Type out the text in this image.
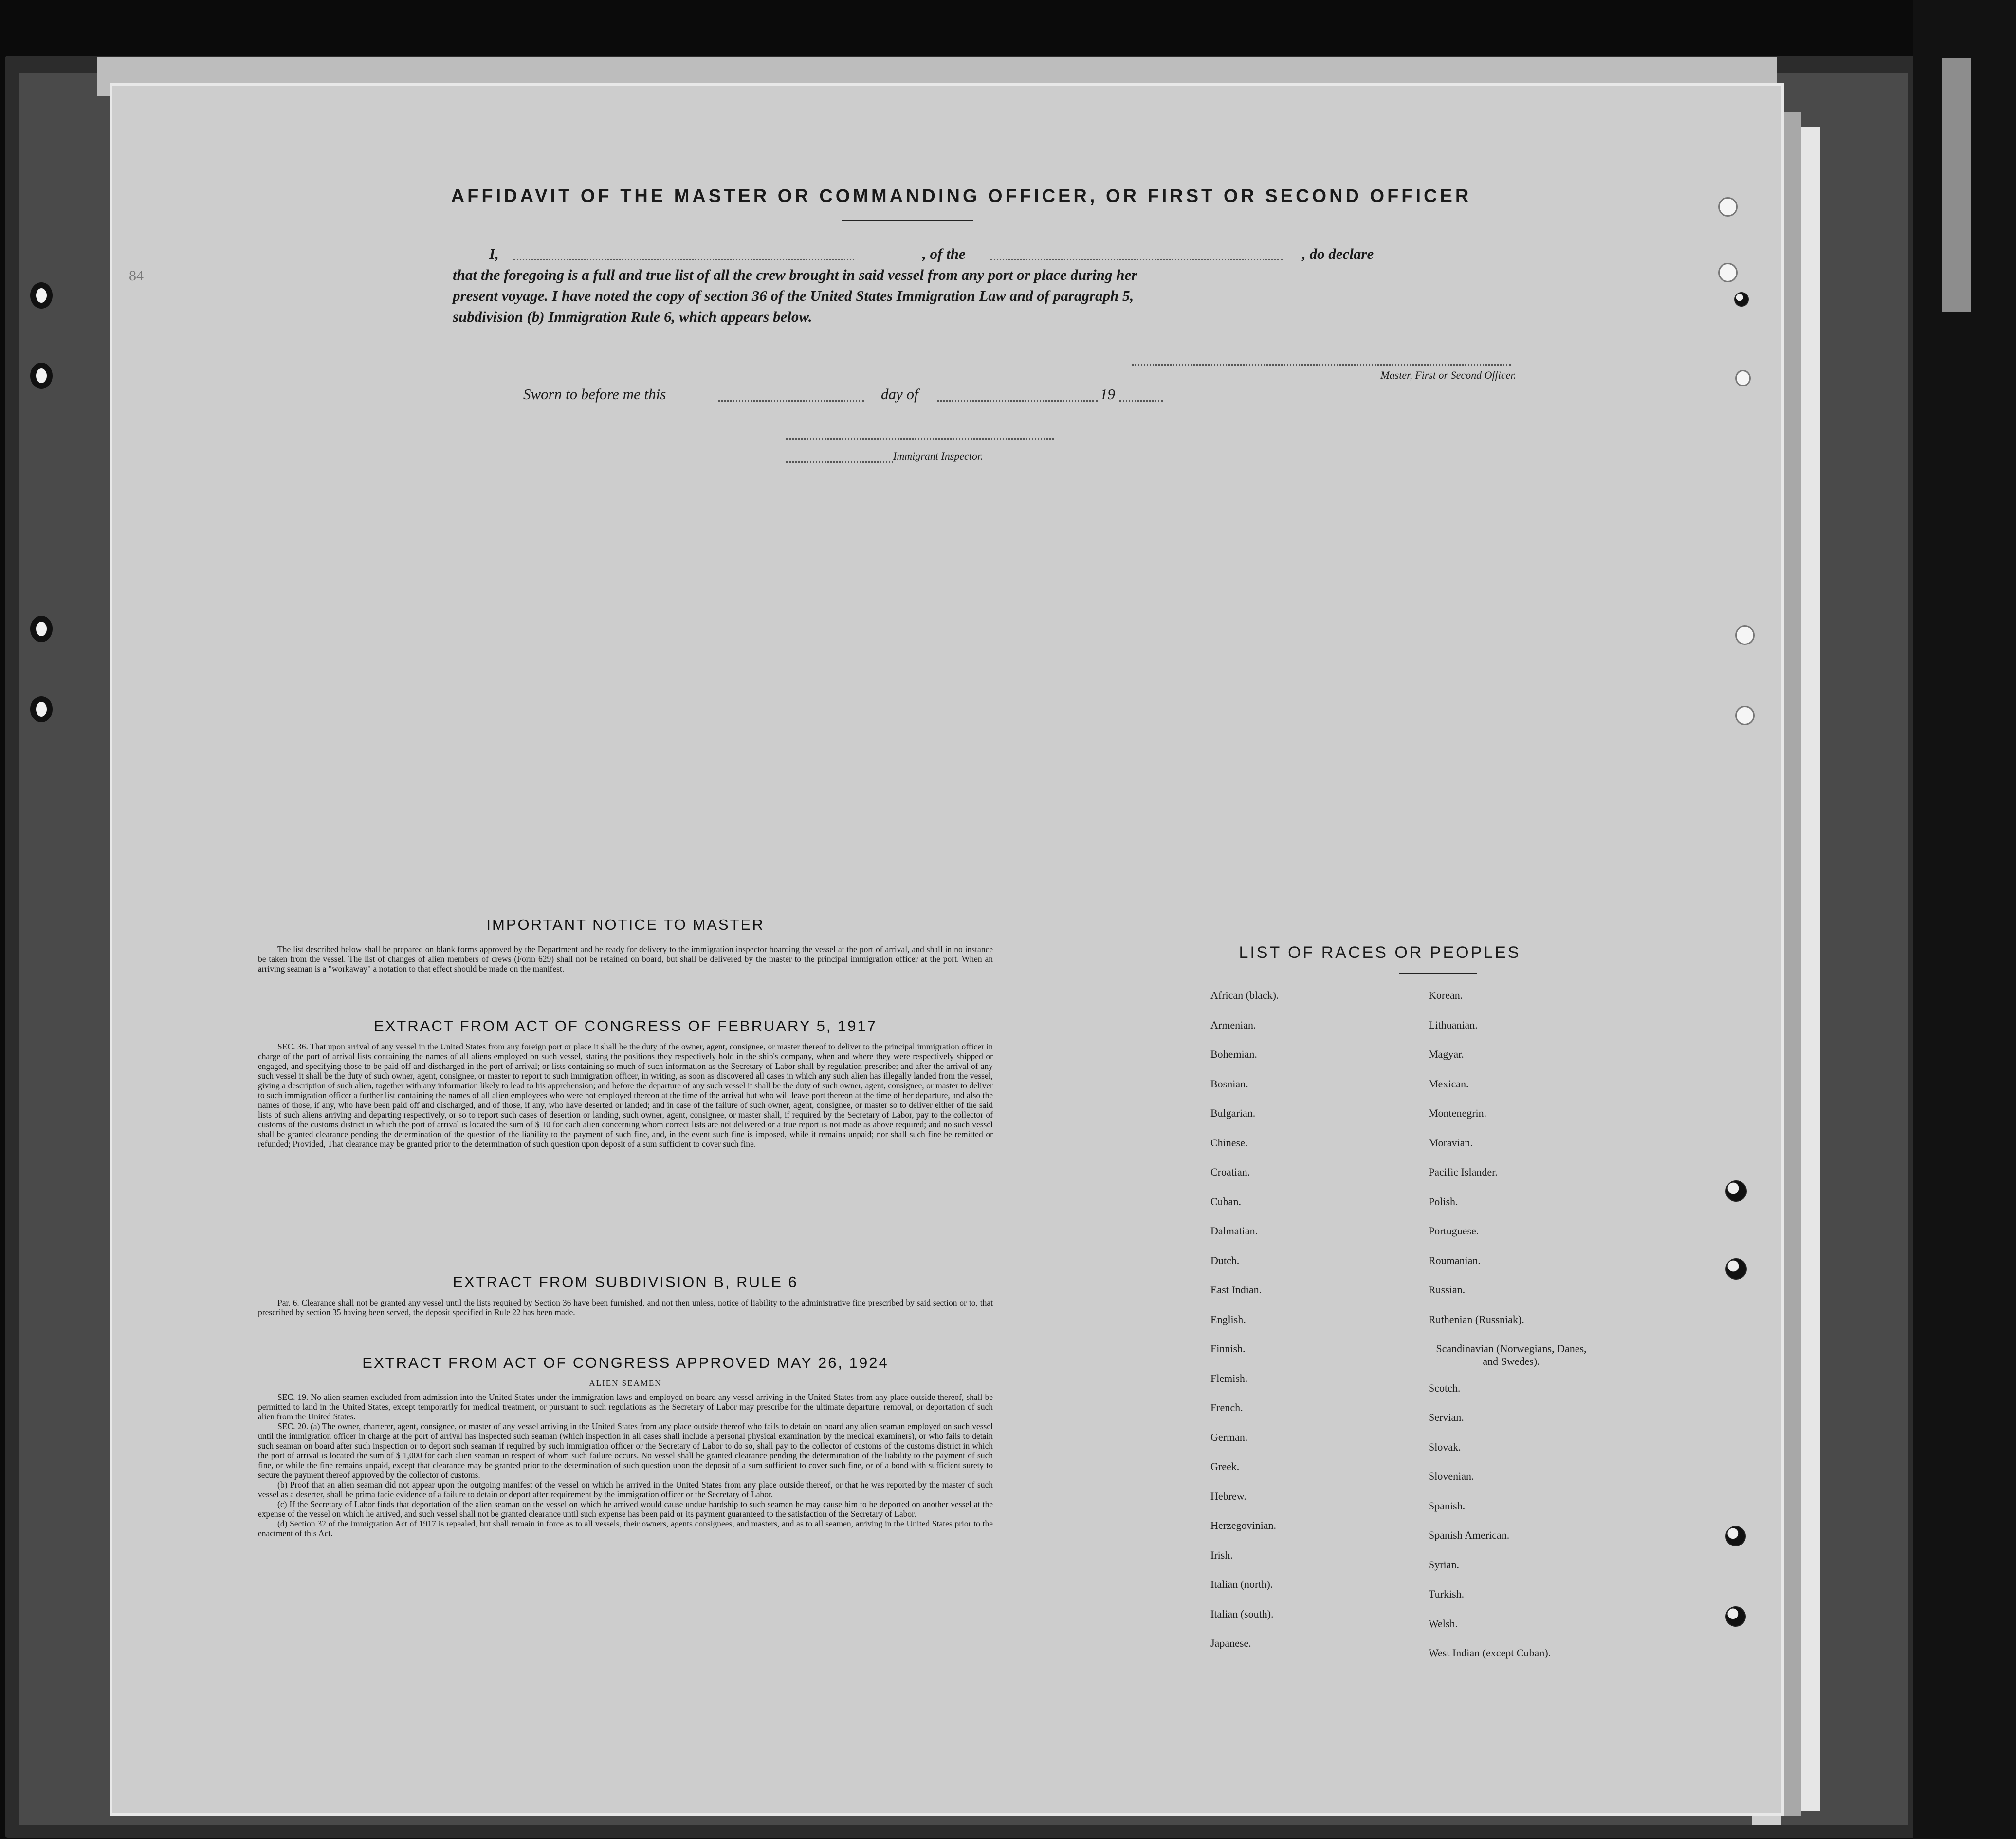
84
AFFIDAVIT OF THE MASTER OR COMMANDING OFFICER, OR FIRST OR SECOND OFFICER
I,	, of the	, do declare
that the foregoing is a full and true list of all the crew brought in said vessel from any port or place during her
present voyage. I have noted the copy of section 36 of the United States Immigration Law and of paragraph 5,
subdivision (b) Immigration Rule 6, which appears below.
Master, First or Second Officer.
Sworn to before me this	day of	19
Immigrant Inspector.
IMPORTANT NOTICE TO MASTER

The list described below shall be prepared on blank forms approved by the Department and be ready for delivery to the immigration inspector boarding the vessel at the port of arrival, and shall in no instance be taken from the vessel. The list of changes of alien members of crews (Form 629) shall not be retained on board, but shall be delivered by the master to the principal immigration officer at the port. When an arriving seaman is a "workaway" a notation to that effect should be made on the manifest.

EXTRACT FROM ACT OF CONGRESS OF FEBRUARY 5, 1917

SEC. 36. That upon arrival of any vessel in the United States from any foreign port or place it shall be the duty of the owner, agent, consignee, or master thereof to deliver to the principal immigration officer in charge of the port of arrival lists containing the names of all aliens employed on such vessel, stating the positions they respectively hold in the ship's company, when and where they were respectively shipped or engaged, and specifying those to be paid off and discharged in the port of arrival; or lists containing so much of such information as the Secretary of Labor shall by regulation prescribe; and after the arrival of any such vessel it shall be the duty of such owner, agent, consignee, or master to report to such immigration officer, in writing, as soon as discovered all cases in which any such alien has illegally landed from the vessel, giving a description of such alien, together with any information likely to lead to his apprehension; and before the departure of any such vessel it shall be the duty of such owner, agent, consignee, or master to deliver to such immigration officer a further list containing the names of all alien employees who were not employed thereon at the time of the arrival but who will leave port thereon at the time of her departure, and also the names of those, if any, who have been paid off and discharged, and of those, if any, who have deserted or landed; and in case of the failure of such owner, agent, consignee, or master so to deliver either of the said lists of such aliens arriving and departing respectively, or so to report such cases of desertion or landing, such owner, agent, consignee, or master shall, if required by the Secretary of Labor, pay to the collector of customs of the customs district in which the port of arrival is located the sum of $ 10 for each alien concerning whom correct lists are not delivered or a true report is not made as above required; and no such vessel shall be granted clearance pending the determination of the question of the liability to the payment of such fine, and, in the event such fine is imposed, while it remains unpaid; nor shall such fine be remitted or refunded; Provided, That clearance may be granted prior to the determination of such question upon deposit of a sum sufficient to cover such fine.

EXTRACT FROM SUBDIVISION B, RULE 6

Par. 6. Clearance shall not be granted any vessel until the lists required by Section 36 have been furnished, and not then unless, notice of liability to the administrative fine prescribed by said section or to, that prescribed by section 35 having been served, the deposit specified in Rule 22 has been made.

EXTRACT FROM ACT OF CONGRESS APPROVED MAY 26, 1924
ALIEN SEAMEN

SEC. 19. No alien seamen excluded from admission into the United States under the immigration laws and employed on board any vessel arriving in the United States from any place outside thereof, shall be permitted to land in the United States, except temporarily for medical treatment, or pursuant to such regulations as the Secretary of Labor may prescribe for the ultimate departure, removal, or deportation of such alien from the United States.

SEC. 20. (a) The owner, charterer, agent, consignee, or master of any vessel arriving in the United States from any place outside thereof who fails to detain on board any alien seaman employed on such vessel until the immigration officer in charge at the port of arrival has inspected such seaman (which inspection in all cases shall include a personal physical examination by the medical examiners), or who fails to detain such seaman on board after such inspection or to deport such seaman if required by such immigration officer or the Secretary of Labor to do so, shall pay to the collector of customs of the customs district in which the port of arrival is located the sum of $ 1,000 for each alien seaman in respect of whom such failure occurs. No vessel shall be granted clearance pending the determination of the liability to the payment of such fine, or while the fine remains unpaid, except that clearance may be granted prior to the determination of such question upon the deposit of a sum sufficient to cover such fine, or of a bond with sufficient surety to secure the payment thereof approved by the collector of customs.

(b) Proof that an alien seaman did not appear upon the outgoing manifest of the vessel on which he arrived in the United States from any place outside thereof, or that he was reported by the master of such vessel as a deserter, shall be prima facie evidence of a failure to detain or deport after requirement by the immigration officer or the Secretary of Labor.

(c) If the Secretary of Labor finds that deportation of the alien seaman on the vessel on which he arrived would cause undue hardship to such seamen he may cause him to be deported on another vessel at the expense of the vessel on which he arrived, and such vessel shall not be granted clearance until such expense has been paid or its payment guaranteed to the satisfaction of the Secretary of Labor.

(d) Section 32 of the Immigration Act of 1917 is repealed, but shall remain in force as to all vessels, their owners, agents consignees, and masters, and as to all seamen, arriving in the United States prior to the enactment of this Act.

LIST OF RACES OR PEOPLES
African (black).
Armenian.
Bohemian.
Bosnian.
Bulgarian.
Chinese.
Croatian.
Cuban.
Dalmatian.
Dutch.
East Indian.
English.
Finnish.
Flemish.
French.
German.
Greek.
Hebrew.
Herzegovinian.
Irish.
Italian (north).
Italian (south).
Japanese.
Korean.
Lithuanian.
Magyar.
Mexican.
Montenegrin.
Moravian.
Pacific Islander.
Polish.
Portuguese.
Roumanian.
Russian.
Ruthenian (Russniak).
Scandinavian (Norwegians, Danes, and Swedes).
Scotch.
Servian.
Slovak.
Slovenian.
Spanish.
Spanish American.
Syrian.
Turkish.
Welsh.
West Indian (except Cuban).
